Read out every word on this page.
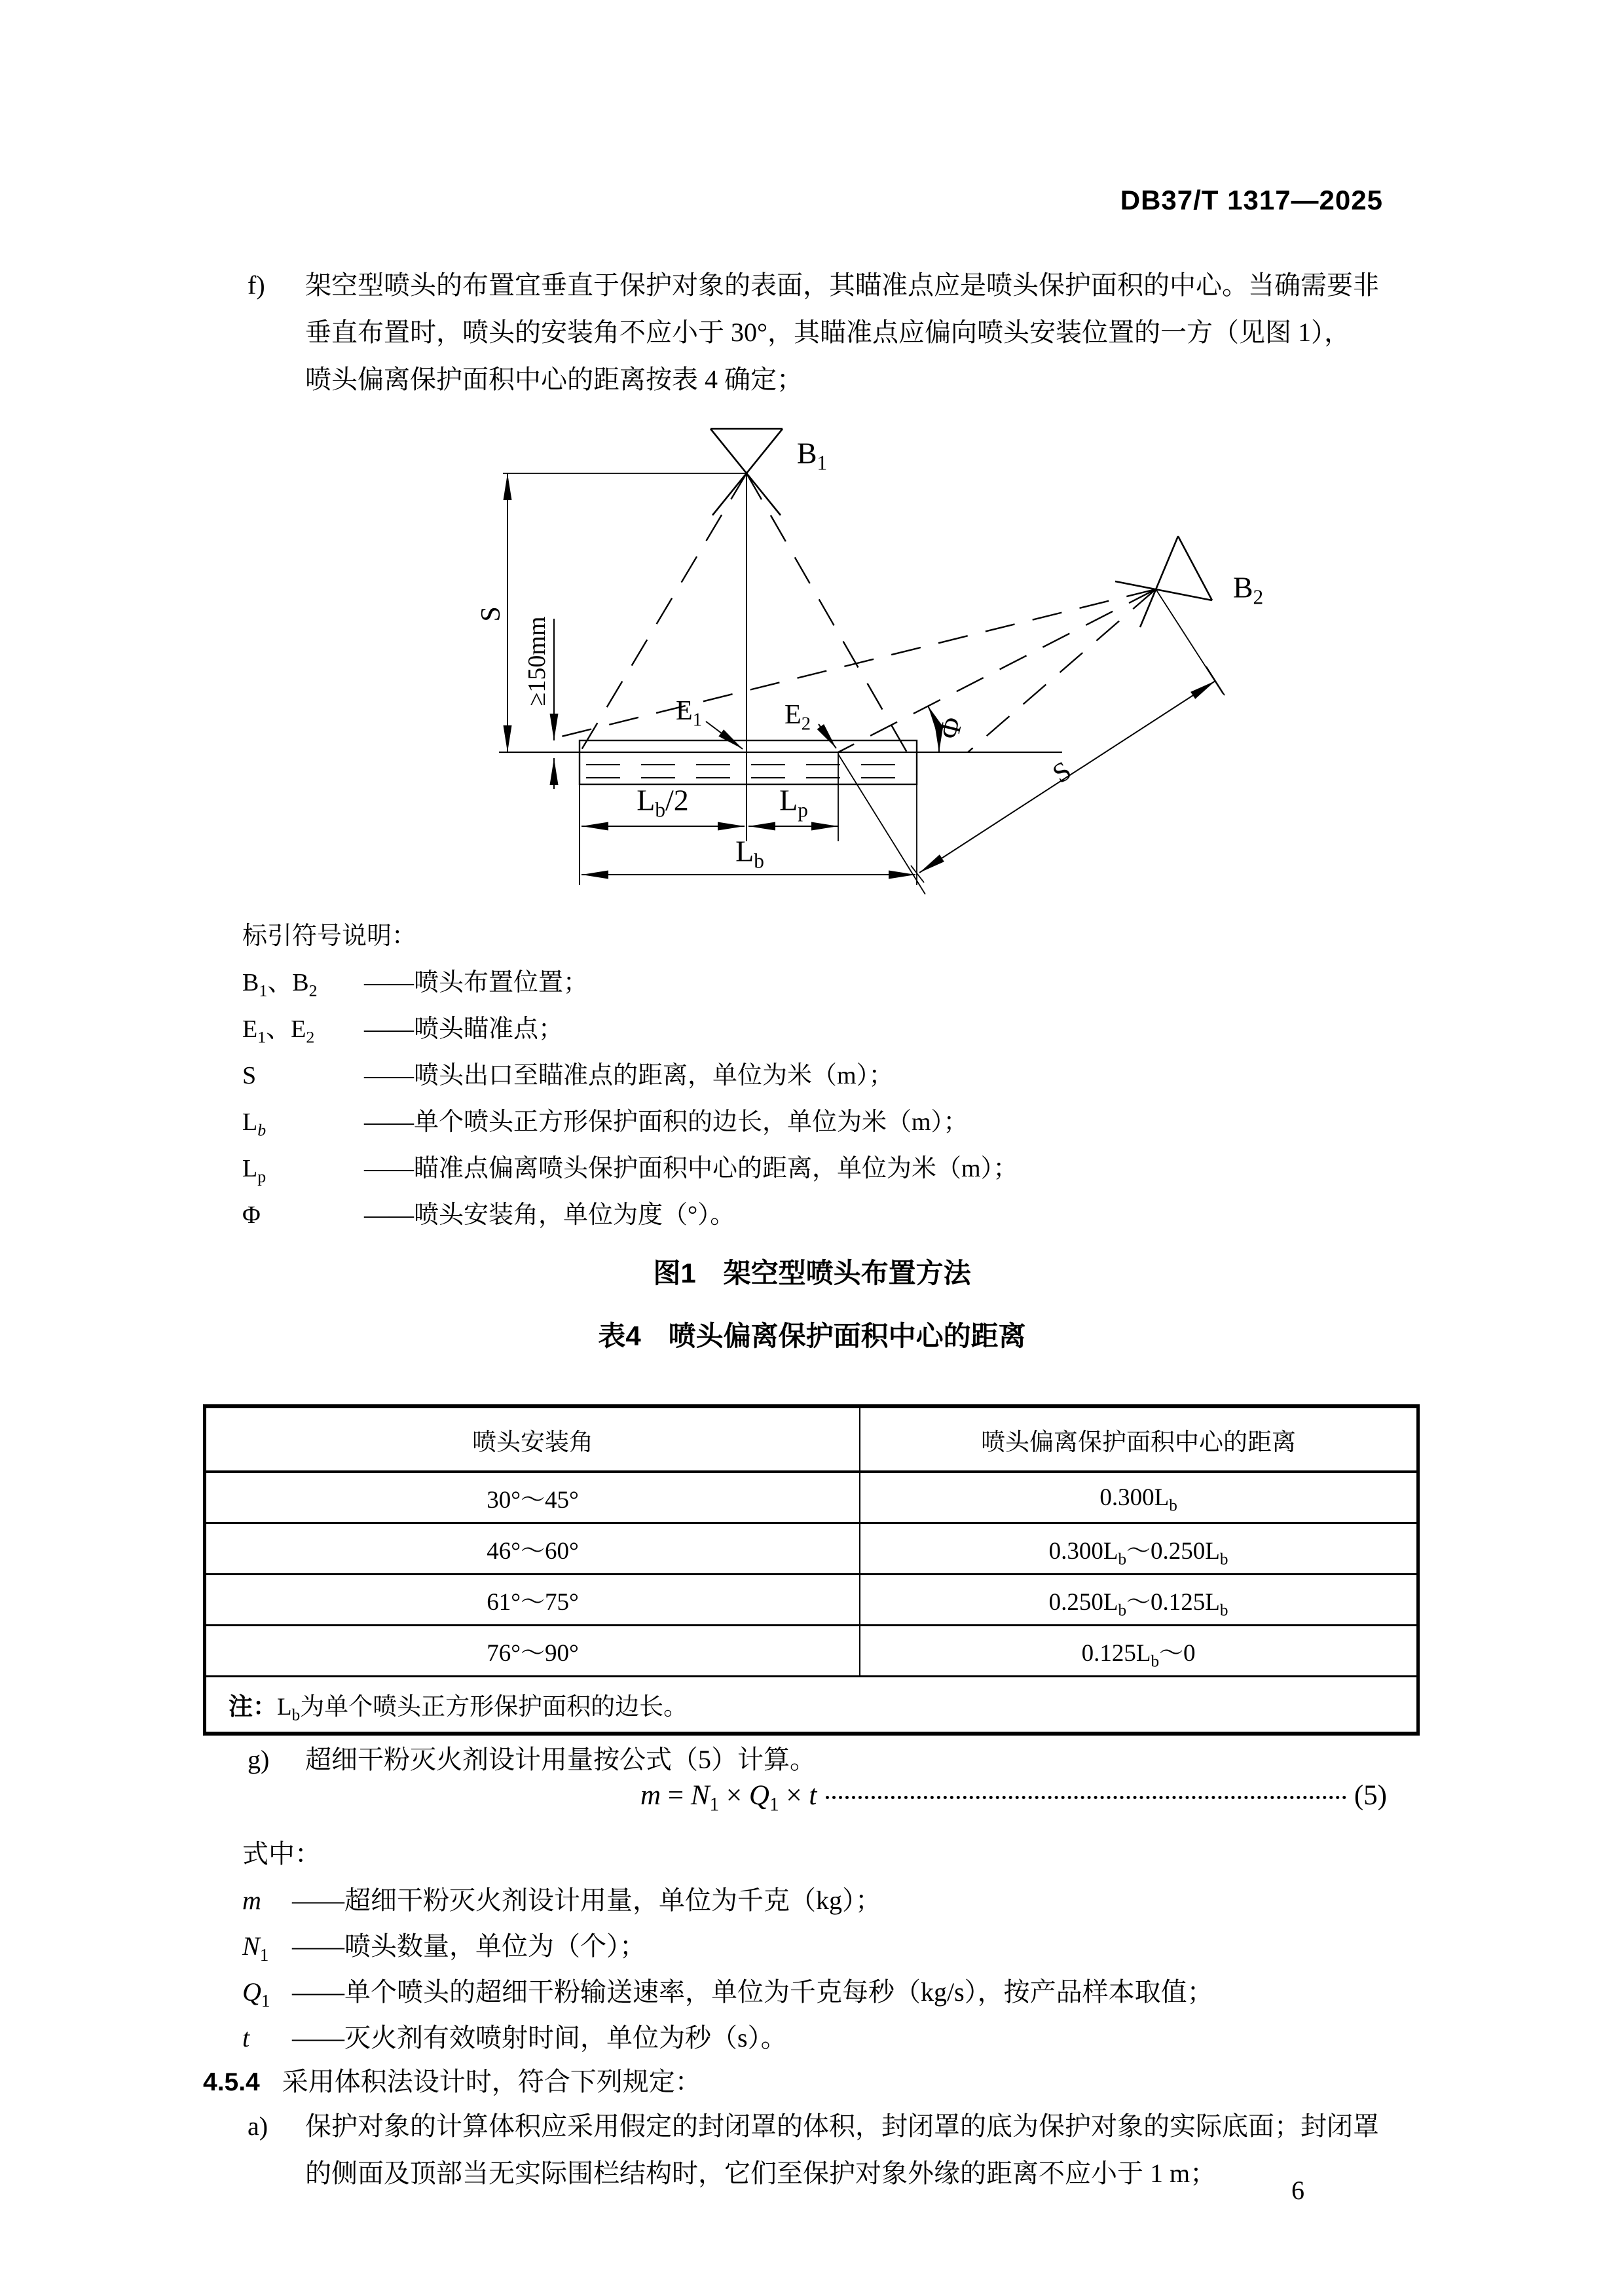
DB37/T 1317—2025
f) 架空型喷头的布置宜垂直于保护对象的表面，其瞄准点应是喷头保护面积的中心。当确需要非
垂直布置时，喷头的安装角不应小于 30°，其瞄准点应偏向喷头安装位置的一方（见图 1），
喷头偏离保护面积中心的距离按表 4 确定；
$B_1$
$B_2$
$E_1$	$E_2$
S
≥150mm
Φ
S
$L_b/2$	$L_p$
$L_b$
标引符号说明：
$B_1$、$B_2$ ——喷头布置位置；
$E_1$、$E_2$ ——喷头瞄准点；
S	——喷头出口至瞄准点的距离，单位为米（m）；
$L_b$	——单个喷头正方形保护面积的边长，单位为米（m）；
$L_p$	——瞄准点偏离喷头保护面积中心的距离，单位为米（m）；
Φ	——喷头安装角，单位为度（°）。
图1 架空型喷头布置方法
表4 喷头偏离保护面积中心的距离
喷头安装角	喷头偏离保护面积中心的距离
30°～45°	$0.300L_b$
46°～60°	$0.300L_b\sim 0.250L_b$
61°～75°	$0.250L_b\sim 0.125L_b$
76°～90°	$0.125L_b\sim 0$
注：$L_b$为单个喷头正方形保护面积的边长。	
g) 超细干粉灭火剂设计用量按公式（5）计算。
$m = N_1 \times Q_1 \times t$	(5)
式中：
m ——超细干粉灭火剂设计用量，单位为千克（kg）；
$N_1$ ——喷头数量，单位为（个）；
$Q_1$ ——单个喷头的超细干粉输送速率，单位为千克每秒（kg/s），按产品样本取值；
t ——灭火剂有效喷射时间，单位为秒（s）。
4.5.4 采用体积法设计时，符合下列规定：
a) 保护对象的计算体积应采用假定的封闭罩的体积，封闭罩的底为保护对象的实际底面；封闭罩
的侧面及顶部当无实际围栏结构时，它们至保护对象外缘的距离不应小于 1 m；
6
